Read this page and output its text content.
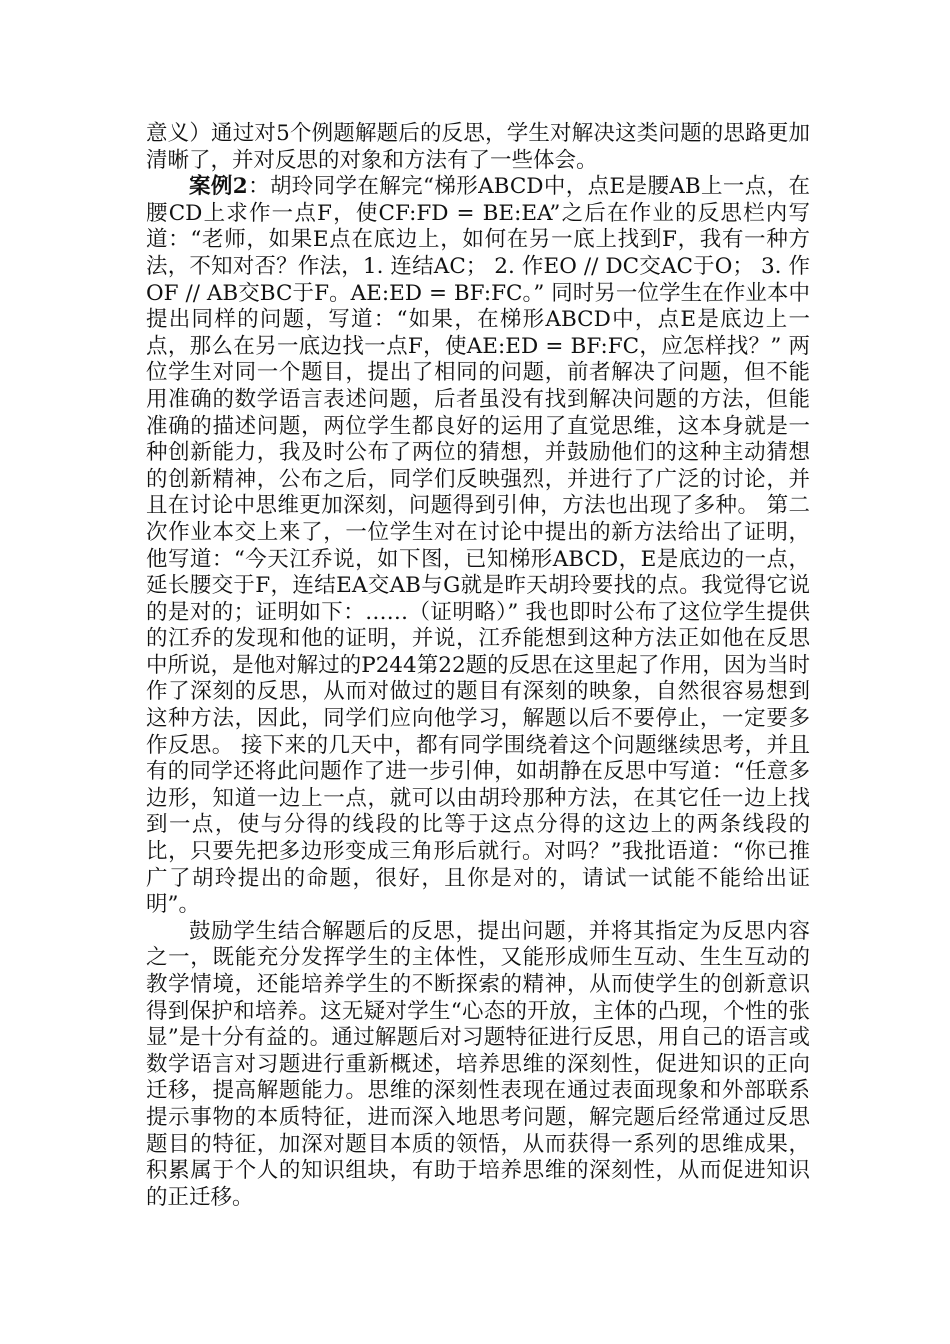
意义）通过对5个例题解题后的反思，学生对解决这类问题的思路更加清晰了，并对反思的对象和方法有了一些体会。

案例2：胡玲同学在解完“梯形ABCD中，点E是腰AB上一点，在腰CD上求作一点F，使CF:FD = BE:EA”之后在作业的反思栏内写道：“老师，如果E点在底边上，如何在另一底上找到F，我有一种方法，不知对否？作法，1. 连结AC； 2. 作EO // DC交AC于O； 3. 作OF // AB交BC于F。AE:ED = BF:FC。” 同时另一位学生在作业本中提出同样的问题，写道：“如果，在梯形ABCD中，点E是底边上一点，那么在另一底边找一点F，使AE:ED = BF:FC，应怎样找？” 两位学生对同一个题目，提出了相同的问题，前者解决了问题，但不能用准确的数学语言表述问题，后者虽没有找到解决问题的方法，但能准确的描述问题，两位学生都良好的运用了直觉思维，这本身就是一种创新能力，我及时公布了两位的猜想，并鼓励他们的这种主动猜想的创新精神，公布之后，同学们反映强烈，并进行了广泛的讨论，并且在讨论中思维更加深刻，问题得到引伸，方法也出现了多种。 第二次作业本交上来了，一位学生对在讨论中提出的新方法给出了证明，他写道：“今天江乔说，如下图，已知梯形ABCD，E是底边的一点，延长腰交于F，连结EA交AB与G就是昨天胡玲要找的点。我觉得它说的是对的；证明如下：……（证明略）” 我也即时公布了这位学生提供的江乔的发现和他的证明，并说，江乔能想到这种方法正如他在反思中所说，是他对解过的P244第22题的反思在这里起了作用，因为当时作了深刻的反思，从而对做过的题目有深刻的映象，自然很容易想到这种方法，因此，同学们应向他学习，解题以后不要停止，一定要多作反思。 接下来的几天中，都有同学围绕着这个问题继续思考，并且有的同学还将此问题作了进一步引伸，如胡静在反思中写道：“任意多边形，知道一边上一点，就可以由胡玲那种方法，在其它任一边上找到一点，使与分得的线段的比等于这点分得的这边上的两条线段的比，只要先把多边形变成三角形后就行。对吗？”我批语道：“你已推广了胡玲提出的命题，很好，且你是对的，请试一试能不能给出证明”。

鼓励学生结合解题后的反思，提出问题，并将其指定为反思内容之一，既能充分发挥学生的主体性，又能形成师生互动、生生互动的教学情境，还能培养学生的不断探索的精神，从而使学生的创新意识得到保护和培养。这无疑对学生“心态的开放，主体的凸现，个性的张显”是十分有益的。通过解题后对习题特征进行反思，用自己的语言或数学语言对习题进行重新概述，培养思维的深刻性，促进知识的正向迁移，提高解题能力。思维的深刻性表现在通过表面现象和外部联系提示事物的本质特征，进而深入地思考问题，解完题后经常通过反思题目的特征，加深对题目本质的领悟，从而获得一系列的思维成果，积累属于个人的知识组块，有助于培养思维的深刻性，从而促进知识的正迁移。
